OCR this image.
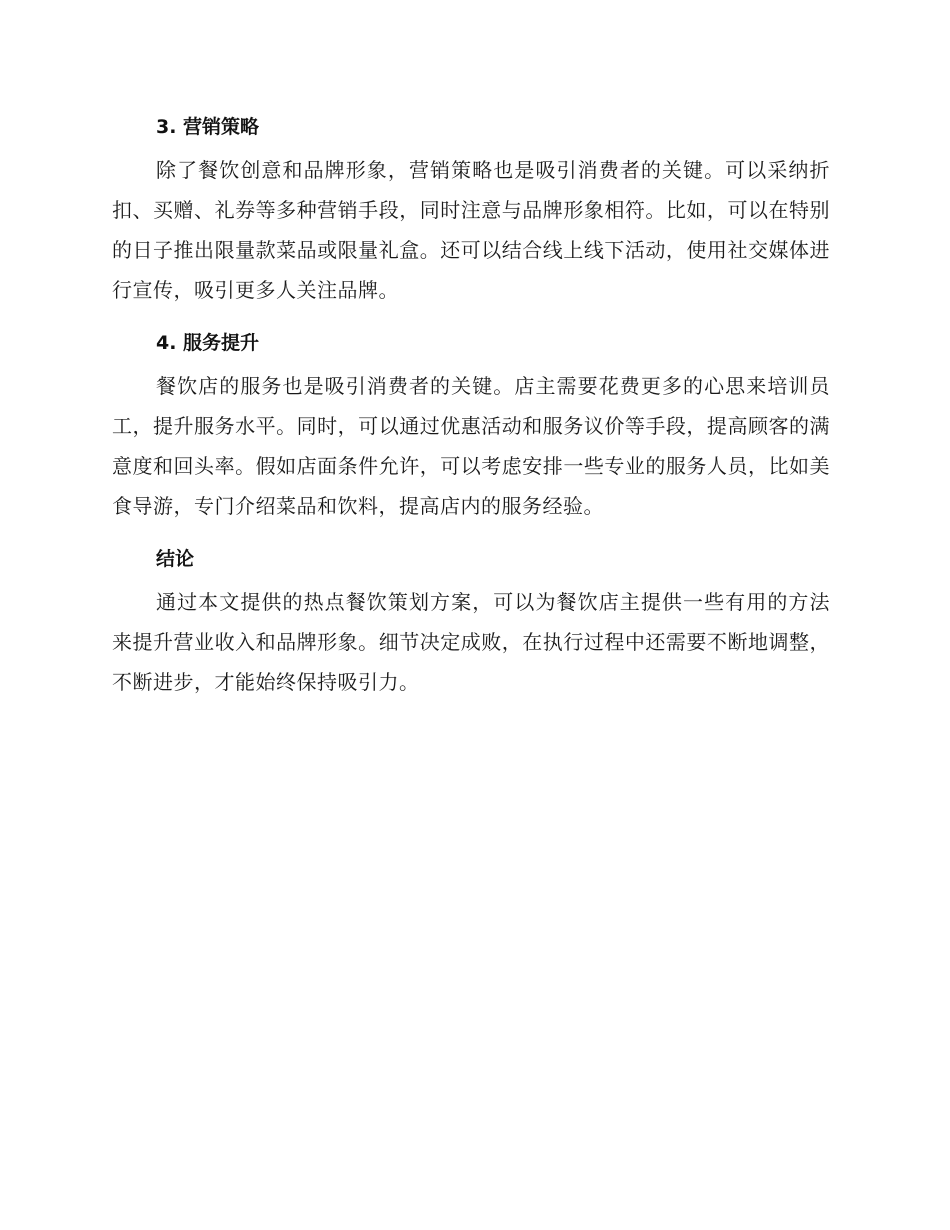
3. 营销策略

除了餐饮创意和品牌形象，营销策略也是吸引消费者的关键。可以采纳折扣、买赠、礼券等多种营销手段，同时注意与品牌形象相符。比如，可以在特别的日子推出限量款菜品或限量礼盒。还可以结合线上线下活动，使用社交媒体进行宣传，吸引更多人关注品牌。

4. 服务提升

餐饮店的服务也是吸引消费者的关键。店主需要花费更多的心思来培训员工，提升服务水平。同时，可以通过优惠活动和服务议价等手段，提高顾客的满意度和回头率。假如店面条件允许，可以考虑安排一些专业的服务人员，比如美食导游，专门介绍菜品和饮料，提高店内的服务经验。

结论

通过本文提供的热点餐饮策划方案，可以为餐饮店主提供一些有用的方法来提升营业收入和品牌形象。细节决定成败，在执行过程中还需要不断地调整，不断进步，才能始终保持吸引力。
